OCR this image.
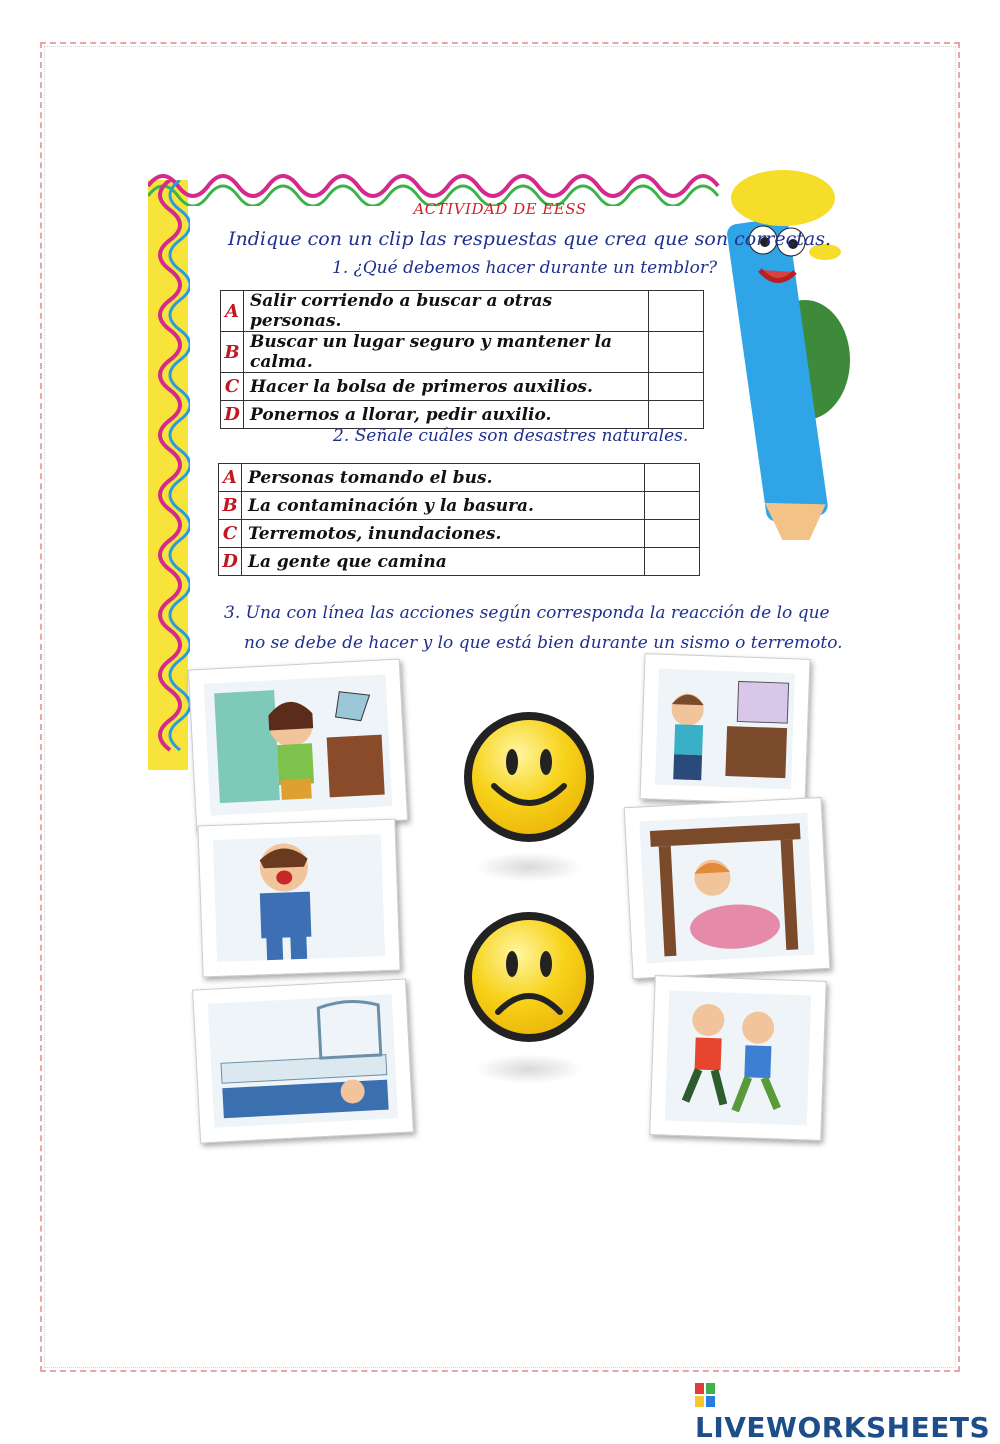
ACTIVIDAD DE EESS
Indique con un clip las respuestas que crea que son correctas.
1. ¿Qué debemos hacer durante un temblor?
A	Salir corriendo a buscar a otras personas.	
B	Buscar un lugar seguro y mantener la calma.	
C	Hacer la bolsa de primeros auxilios.	
D	Ponernos a llorar, pedir auxilio.	
2. Señale cuáles son desastres naturales.
A	Personas tomando el bus.	
B	La contaminación y la basura.	
C	Terremotos, inundaciones.	
D	La gente que camina	
3. Una con línea las acciones según corresponda la reacción de lo que
no se debe de hacer y lo que está bien durante un sismo o terremoto.
LIVEWORKSHEETS
